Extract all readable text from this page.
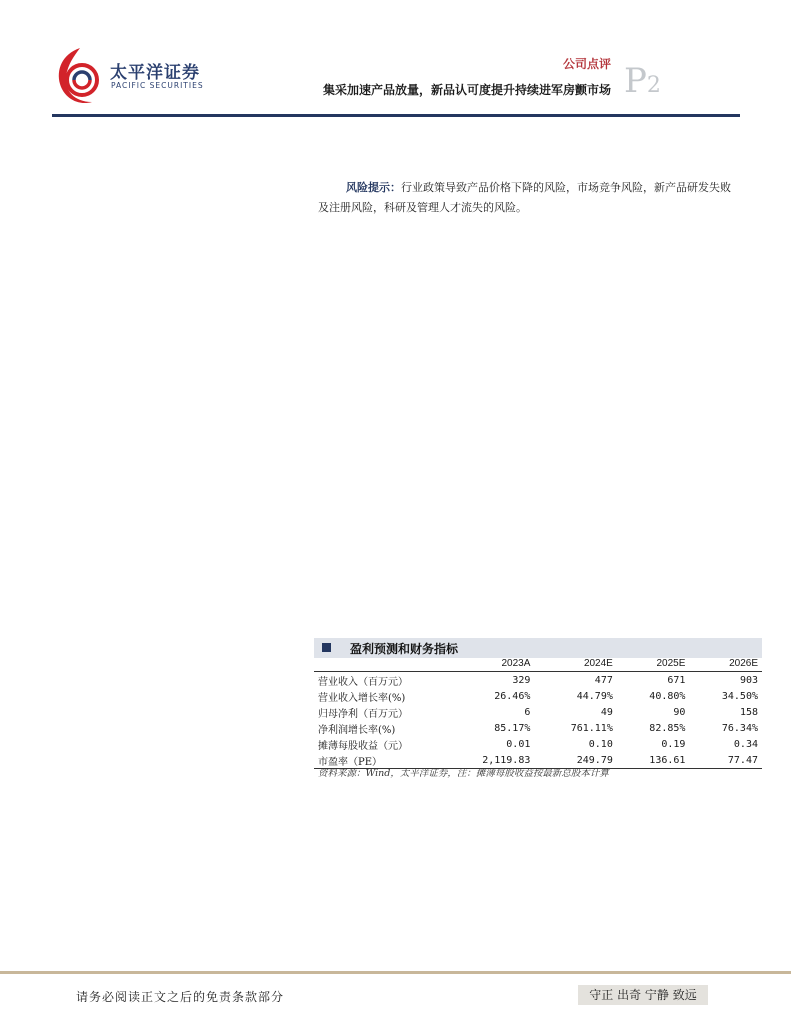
太平洋证券
PACIFIC SECURITIES
公司点评 P2
集采加速产品放量，新品认可度提升持续进军房颤市场
风险提示：行业政策导致产品价格下降的风险，市场竞争风险，新产品研发失败及注册风险，科研及管理人才流失的风险。
盈利预测和财务指标
	2023A	2024E	2025E	2026E
营业收入（百万元）	329	477	671	903
营业收入增长率(%)	26.46%	44.79%	40.80%	34.50%
归母净利（百万元）	6	49	90	158
净利润增长率(%)	85.17%	761.11%	82.85%	76.34%
摊薄每股收益（元）	0.01	0.10	0.19	0.34
市盈率（PE）	2,119.83	249.79	136.61	77.47
资料来源：Wind，太平洋证券，注：摊薄每股收益按最新总股本计算
请务必阅读正文之后的免责条款部分	守正 出奇 宁静 致远
